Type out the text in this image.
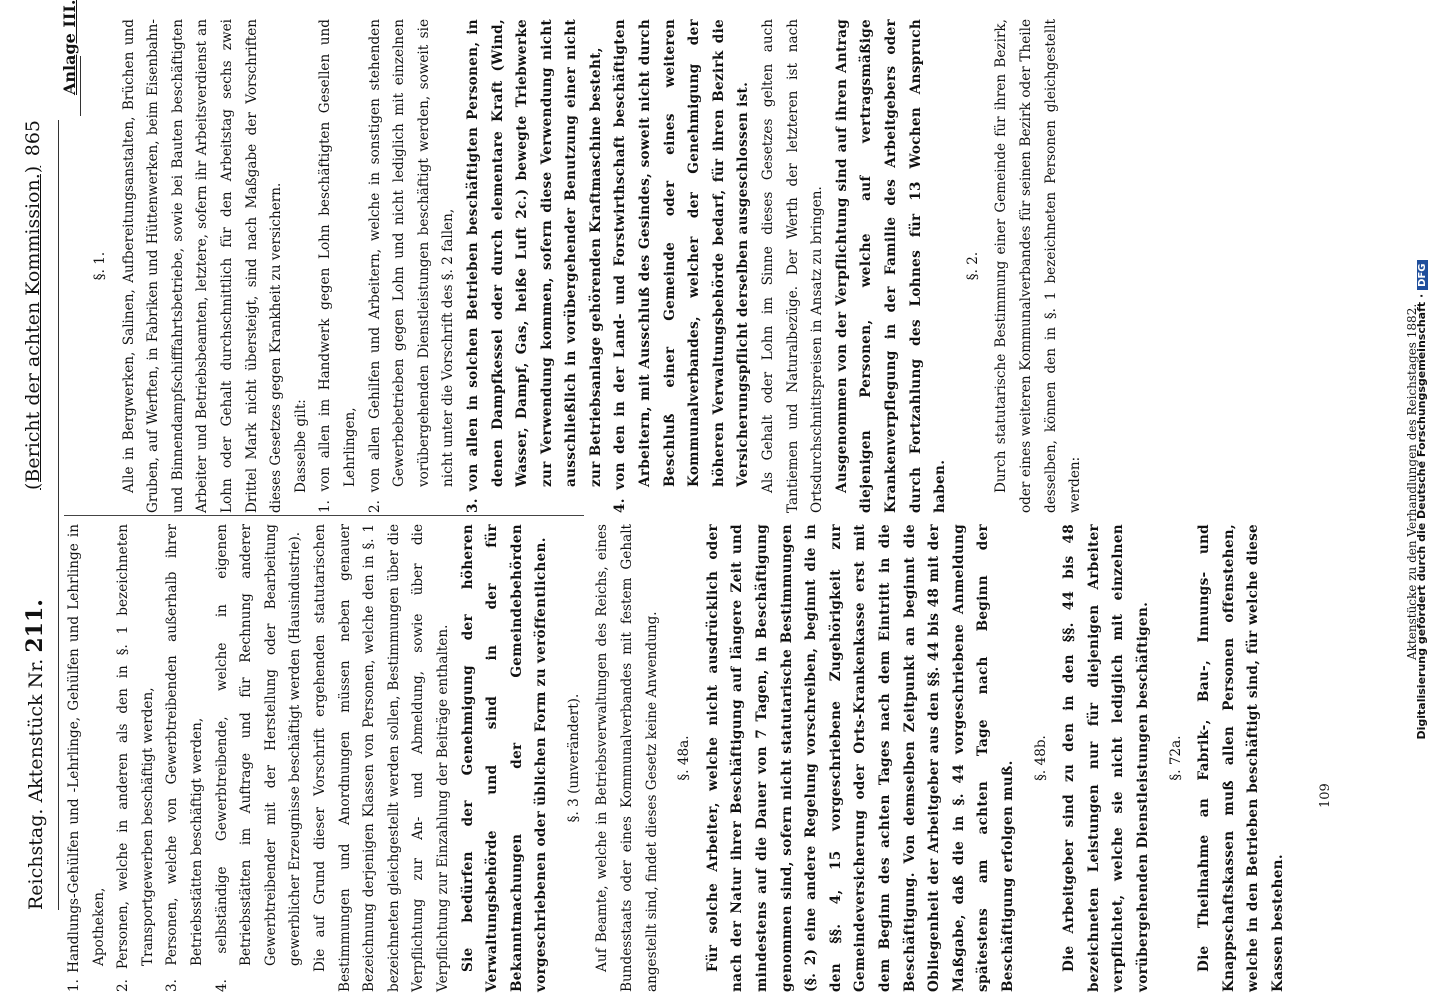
Reichstag. Aktenstück Nr. 211.
(Bericht der achten Kommission.)
865
Anlage III.

§. 1. Alle in Bergwerken, Salinen, Aufbereitungsanstalten, Brüchen und Gruben, auf Werften, in Fabriken und Hüttenwerken, beim Eisenbahn- und Binnendampfschifffahrtsbetriebe, sowie bei Bauten beschäftigten Arbeiter und Betriebsbeamten, letztere, sofern ihr Arbeitsverdienst an Lohn oder Gehalt durchschnittlich für den Arbeitstag sechs zwei Drittel Mark nicht übersteigt, sind nach Maßgabe der Vorschriften dieses Gesetzes gegen Krankheit zu versichern. Dasselbe gilt: 1. von allen im Handwerk gegen Lohn beschäftigten Gesellen und Lehrlingen, 2. von allen Gehilfen und Arbeitern, welche in sonstigen stehenden Gewerbebetrieben gegen Lohn und nicht lediglich mit einzelnen vorübergehenden Dienstleistungen beschäftigt werden, soweit sie nicht unter die Vorschrift des §. 2 fallen, 3. von allen in solchen Betrieben beschäftigten Personen, in denen Dampfkessel oder durch elementare Kraft (Wind, Wasser, Dampf, Gas, heiße Luft 2c.) bewegte Triebwerke zur Verwendung kommen, sofern diese Verwendung nicht ausschließlich in vorübergehender Benutzung einer nicht zur Betriebsanlage gehörenden Kraftmaschine besteht, 4. von den in der Land- und Forstwirthschaft beschäftigten Arbeitern, mit Ausschluß des Gesindes, soweit nicht durch Beschluß einer Gemeinde oder eines weiteren Kommunalverbandes, welcher der Genehmigung der höheren Verwaltungsbehörde bedarf, für ihren Bezirk die Versicherungspflicht derselben ausgeschlossen ist. Als Gehalt oder Lohn im Sinne dieses Gesetzes gelten auch Tantiemen und Naturalbezüge. Der Werth der letzteren ist nach Ortsdurchschnittspreisen in Ansatz zu bringen. Ausgenommen von der Verpflichtung sind auf ihren Antrag diejenigen Personen, welche auf vertragsmäßige Krankenverpflegung in der Familie des Arbeitgebers oder durch Fortzahlung des Lohnes für 13 Wochen Anspruch haben.

§. 2. Durch statutarische Bestimmung einer Gemeinde für ihren Bezirk, oder eines weiteren Kommunalverbandes für seinen Bezirk oder Theile desselben, können den in §. 1 bezeichneten Personen gleichgestellt werden:

1. Handlungs-Gehülfen und -Lehrlinge, Gehülfen und Lehrlinge in Apotheken, 2. Personen, welche in anderen als den in §. 1 bezeichneten Transportgewerben beschäftigt werden, 3. Personen, welche von Gewerbtreibenden außerhalb ihrer Betriebsstätten beschäftigt werden, 4. selbständige Gewerbtreibende, welche in eigenen Betriebsstätten im Auftrage und für Rechnung anderer Gewerbtreibender mit der Herstellung oder Bearbeitung gewerblicher Erzeugnisse beschäftigt werden (Hausindustrie). Die auf Grund dieser Vorschrift ergehenden statutarischen Bestimmungen und Anordnungen müssen neben genauer Bezeichnung derjenigen Klassen von Personen, welche den in §. 1 bezeichneten gleichgestellt werden sollen, Bestimmungen über die Verpflichtung zur An- und Abmeldung, sowie über die Verpflichtung zur Einzahlung der Beiträge enthalten. Sie bedürfen der Genehmigung der höheren Verwaltungsbehörde und sind in der für Bekanntmachungen der Gemeindebehörden vorgeschriebenen oder üblichen Form zu veröffentlichen.	§. 3 (unverändert). Auf Beamte, welche in Betriebsverwaltungen des Reichs, eines Bundesstaats oder eines Kommunalverbandes mit festem Gehalt angestellt sind, findet dieses Gesetz keine Anwendung.	§. 48a. Für solche Arbeiter, welche nicht ausdrücklich oder nach der Natur ihrer Beschäftigung auf längere Zeit und mindestens auf die Dauer von 7 Tagen, in Beschäftigung genommen sind, sofern nicht statutarische Bestimmungen (§. 2) eine andere Regelung vorschreiben, beginnt die in den §§. 4, 15 vorgeschriebene Zugehörigkeit zur Gemeindeversicherung oder Orts-Krankenkasse erst mit dem Beginn des achten Tages nach dem Eintritt in die Beschäftigung. Von demselben Zeitpunkt an beginnt die Obliegenheit der Arbeitgeber aus den §§. 44 bis 48 mit der Maßgabe, daß die in §. 44 vorgeschriebene Anmeldung spätestens am achten Tage nach Beginn der Beschäftigung erfolgen muß.

§. 48b. Die Arbeitgeber sind zu den in den §§. 44 bis 48 bezeichneten Leistungen nur für diejenigen Arbeiter verpflichtet, welche sie nicht lediglich mit einzelnen vorübergehenden Dienstleistungen beschäftigen.	§. 72a. Die Theilnahme an Fabrik-, Bau-, Innungs- und Knappschaftskassen muß allen Personen offenstehen, welche in den Betrieben beschäftigt sind, für welche diese Kassen bestehen.

Aktenstücke zu den Verhandlungen des Reichstages 1882.
109
Digitalisierung gefördert durch die Deutsche Forschungsgemeinschaft ·DFG
